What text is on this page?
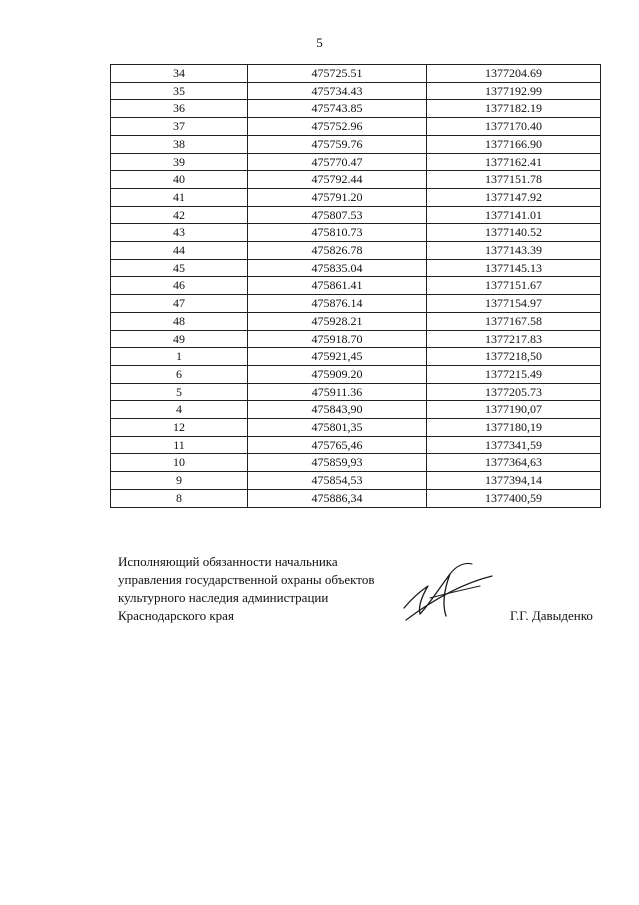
5
34	475725.51	1377204.69
35	475734.43	1377192.99
36	475743.85	1377182.19
37	475752.96	1377170.40
38	475759.76	1377166.90
39	475770.47	1377162.41
40	475792.44	1377151.78
41	475791.20	1377147.92
42	475807.53	1377141.01
43	475810.73	1377140.52
44	475826.78	1377143.39
45	475835.04	1377145.13
46	475861.41	1377151.67
47	475876.14	1377154.97
48	475928.21	1377167.58
49	475918.70	1377217.83
1	475921,45	1377218,50
6	475909.20	1377215.49
5	475911.36	1377205.73
4	475843,90	1377190,07
12	475801,35	1377180,19
11	475765,46	1377341,59
10	475859,93	1377364,63
9	475854,53	1377394,14
8	475886,34	1377400,59
Исполняющий обязанности начальника
управления государственной охраны объектов
культурного наследия администрации
Краснодарского края	Г.Г. Давыденко
